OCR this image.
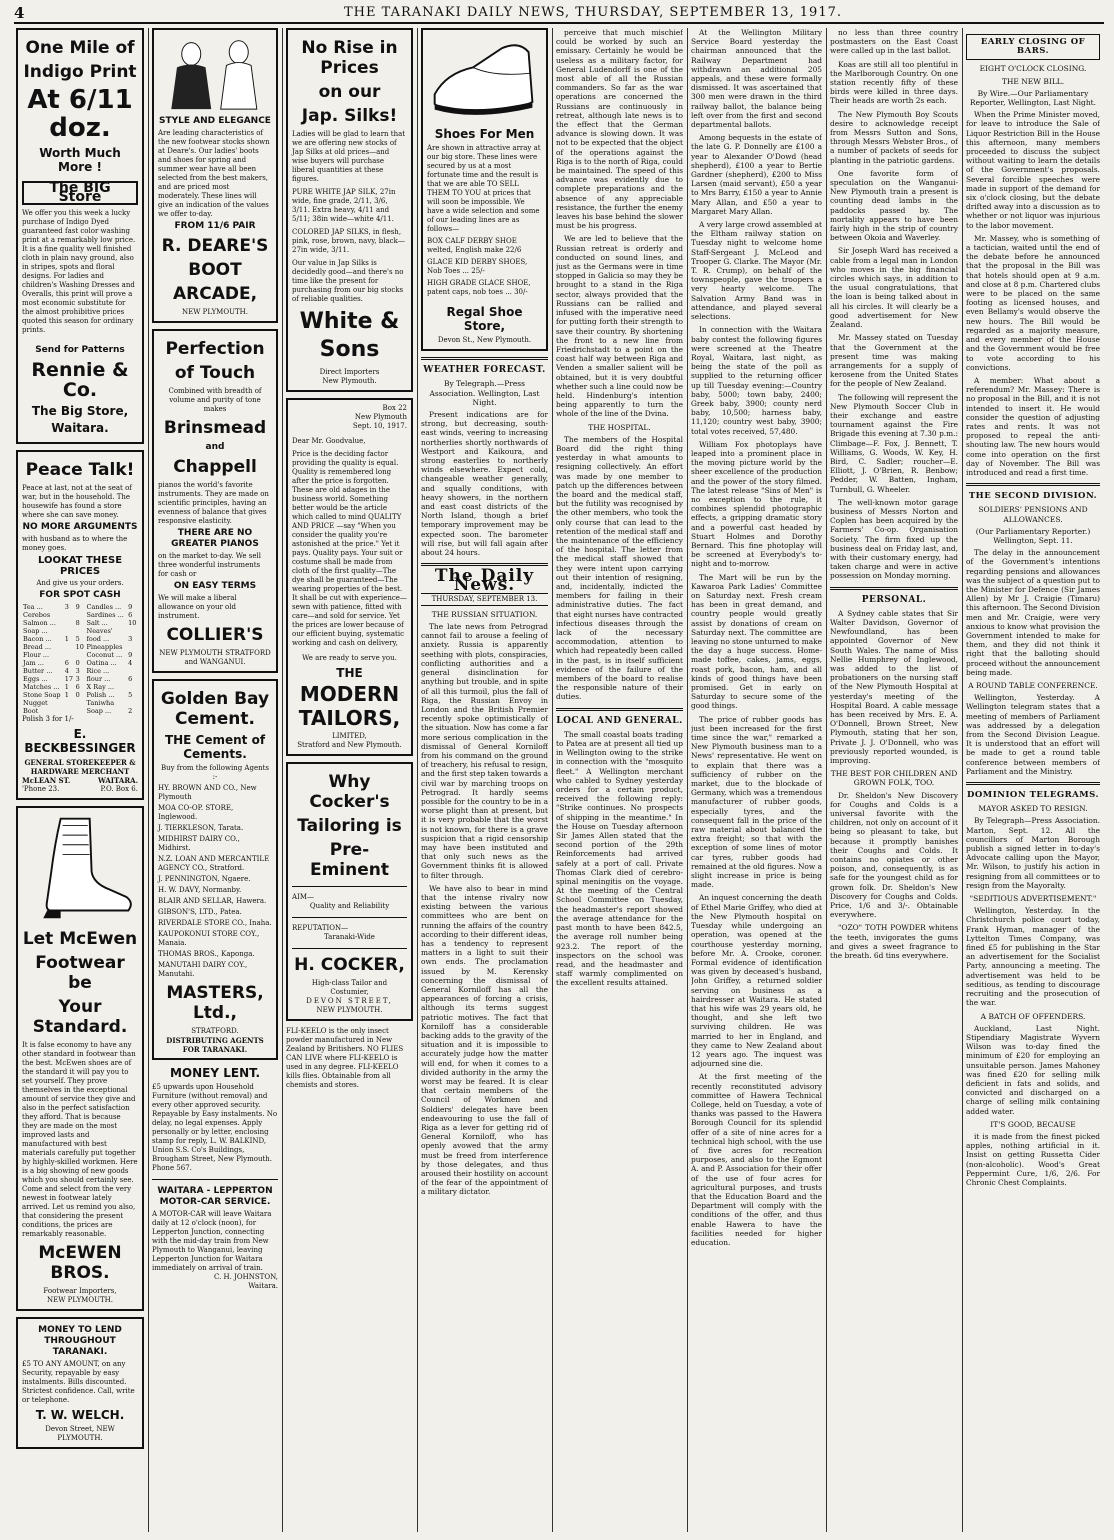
4	THE TARANAKI DAILY NEWS, THURSDAY, SEPTEMBER 13, 1917.
One Mile of
Indigo Print
At 6/11 doz.
Worth Much More !
The BIG Store
We offer you this week a lucky purchase of Indigo Dyed guaranteed fast color washing print at a remarkably low price. It is a fine quality well finished cloth in plain navy ground, also in stripes, spots and floral designs. For ladies and children's Washing Dresses and Overalls, this print will prove a most economic substitute for the almost prohibitive prices quoted this season for ordinary prints.
Send for Patterns
Rennie & Co.
The Big Store,
Waitara.
Peace Talk!
Peace at last, not at the seat of war, but in the household. The housewife has found a store where she can save money.
NO MORE ARGUMENTS
with husband as to where the money goes.
LOOKAT THESE PRICES
And give us your orders.
FOR SPOT CASH
Tea ...	3	9	Candles ...	9
Cerebos			Sardines ...	6
Salmon ...		8	Salt ...	10
Soap ...			Neaves'	
Bacon ...	1	5	food ...	3
Bread ...		10	Pineapples	
Flour ...			Coconut ...	9
Jam ...	6	0	Oatina ...	4
Butter ...	4	3	Rice ...	
Eggs ...	17	3	flour ...	6
Matches ...	1	6	X Ray ...	
Stone Soap	1	0	Polish ...	5
Nugget			Taniwha	
Boot			Soap ...	2
Polish 3 for 1/-
E. BECKBESSINGER
GENERAL STOREKEEPER & HARDWARE MERCHANT
McLEAN ST.	WAITARA.
'Phone 23.	P.O. Box 6.
Let McEwen
Footwear be
Your Standard.
It is false economy to have any other standard in footwear than the best. McEwen shoes are of the standard it will pay you to set yourself. They prove themselves in the exceptional amount of service they give and also in the perfect satisfaction they afford. That is because they are made on the most improved lasts and manufactured with best materials carefully put together by highly-skilled workmen. Here is a big showing of new goods which you should certainly see. Come and select from the very newest in footwear lately arrived. Let us remind you also, that considering the present conditions, the prices are remarkably reasonable.
McEWEN BROS.
Footwear Importers,
NEW PLYMOUTH.
MONEY TO LEND THROUGHOUT TARANAKI.
£5 TO ANY AMOUNT, on any Security, repayable by easy instalments. Bills discounted. Strictest confidence. Call, write or telephone.
T. W. WELCH.
Devon Street, NEW PLYMOUTH.
STYLE AND ELEGANCE
Are leading characteristics of the new footwear stocks shown at Deare's. Our ladies' boots and shoes for spring and summer wear have all been selected from the best makers, and are priced most moderately. These lines will give an indication of the values we offer to-day.
FROM 11/6 PAIR
R. DEARE'S
BOOT
ARCADE,
NEW PLYMOUTH.
Perfection
of Touch
Combined with breadth of volume and purity of tone makes
Brinsmead
and
Chappell
pianos the world's favorite instruments. They are made on scientific principles, having an evenness of balance that gives responsive elasticity.
THERE ARE NO GREATER PIANOS
on the market to-day. We sell three wonderful instruments for cash or
ON EASY TERMS
We will make a liberal allowance on your old instrument.
COLLIER'S
NEW PLYMOUTH STRATFORD and WANGANUI.
Golden Bay Cement.
THE Cement of Cements.
Buy from the following Agents :-
HY. BROWN AND CO., New Plymouth
MOA CO-OP. STORE, Inglewood.
J. TIERKLESON, Tarata.
MIDHIRST DAIRY CO., Midhirst.
N.Z. LOAN AND MERCANTILE AGENCY CO., Stratford.
J. PENNINGTON, Ngaere.
H. W. DAVY, Normanby.
BLAIR AND SELLAR, Hawera.
GIBSON'S, LTD., Patea.
RIVERDALE STORE CO., Inaha.
KAUPOKONUI STORE COY., Manaia.
THOMAS BROS., Kaponga.
MANUTAHI DAIRY COY., Manutahi.
MASTERS, Ltd.,
STRATFORD.
DISTRIBUTING AGENTS FOR TARANAKI.
MONEY LENT.
£5 upwards upon Household Furniture (without removal) and every other approved security. Repayable by Easy instalments. No delay, no legal expenses. Apply personally or by letter, enclosing stamp for reply, L. W. BALKIND, Union S.S. Co's Buildings, Brougham Street, New Plymouth. Phone 567.
WAITARA - LEPPERTON MOTOR-CAR SERVICE.
A MOTOR-CAR will leave Waitara daily at 12 o'clock (noon), for Lepperton Junction, connecting with the mid-day train from New Plymouth to Wanganui, leaving Lepperton Junction for Waitara immediately on arrival of train.
C. H. JOHNSTON,
Waitara.
No Rise in Prices
on our
Jap. Silks!
Ladies will be glad to learn that we are offering new stocks of Jap Silks at old prices—and wise buyers will purchase liberal quantities at these figures.
PURE WHITE JAP SILK, 27in wide, fine grade, 2/11, 3/6, 3/11. Extra heavy, 4/11 and 5/11; 38in wide—white 4/11.
COLORED JAP SILKS, in flesh, pink, rose, brown, navy, black—27in wide, 3/11.
Our value in Jap Silks is decidedly good—and there's no time like the present for purchasing from our big stocks of reliable qualities.
White & Sons
Direct Importers
New Plymouth.
Box 22
New Plymouth
Sept. 10, 1917.
Dear Mr. Goodvalue,
Price is the deciding factor providing the quality is equal. Quality is remembered long after the price is forgotten. These are old adages in the business world. Something better would be the article which called to mind QUALITY AND PRICE —say "When you consider the quality you're astonished at the price." Yet it pays. Quality pays. Your suit or costume shall be made from cloth of the first quality—The dye shall be guaranteed—The wearing properties of the best. It shall be cut with experience—sewn with patience, fitted with care—and sold for service. Yet the prices are lower because of our efficient buying, systematic working and cash on delivery,
We are ready to serve you.
THE
MODERN
TAILORS,
LIMITED,
Stratford and New Plymouth.
Why Cocker's
Tailoring is
Pre-Eminent
AIM—
Quality and Reliability
REPUTATION—
Taranaki-Wide
H. COCKER,
High-class Tailor and Costumier,
DEVON STREET,
NEW PLYMOUTH.
FLI-KEELO is the only insect powder manufactured in New Zealand by Britishers. NO FLIES CAN LIVE where FLI-KEELO is used in any degree. FLI-KEELO kills flies. Obtainable from all chemists and stores.
Shoes For Men
Are shown in attractive array at our big store. These lines were secured by us at a most fortunate time and the result is that we are able TO SELL THEM TO YOU at prices that will soon be impossible. We have a wide selection and some of our leading lines are as follows—
BOX CALF DERBY SHOE welted, English make 22/6
GLACE KID DERBY SHOES, Nob Toes ... 25/-
HIGH GRADE GLACE SHOE, patent caps, nob toes ... 30/-
Regal Shoe Store,
Devon St., New Plymouth.
WEATHER FORECAST.
By Telegraph.—Press Association. Wellington, Last Night.

Present indications are for strong, but decreasing, south-east winds, veering to increasing northerlies shortly northwards of Westport and Kaikoura, and strong easterlies to northerly winds elsewhere. Expect cold, changeable weather generally, and squally conditions, with heavy showers, in the northern and east coast districts of the North Island, though a brief temporary improvement may be expected soon. The barometer will rise, but will fall again after about 24 hours.

The Daily News.
THURSDAY, SEPTEMBER 13.
THE RUSSIAN SITUATION.

The late news from Petrograd cannot fail to arouse a feeling of anxiety. Russia is apparently seething with plots, conspiracies, conflicting authorities and a general disinclination for anything but trouble, and in spite of all this turmoil, plus the fall of Riga, the Russian Envoy in London and the British Premier recently spoke optimistically of the situation. Now has come a far more serious complication in the dismissal of General Korniloff from his command on the ground of treachery, his refusal to resign, and the first step taken towards a civil war by marching troops on Petrograd. It hardly seems possible for the country to be in a worse plight than at present, but it is very probable that the worst is not known, for there is a grave suspicion that a rigid censorship may have been instituted and that only such news as the Government thinks fit is allowed to filter through.

We have also to bear in mind that the intense rivalry now existing between the various committees who are bent on running the affairs of the country according to their different ideas, has a tendency to represent matters in a light to suit their own ends. The proclamation issued by M. Kerensky concerning the dismissal of General Korniloff has all the appearances of forcing a crisis, although its terms suggest patriotic motives. The fact that Korniloff has a considerable backing adds to the gravity of the situation and it is impossible to accurately judge how the matter will end, for when it comes to a divided authority in the army the worst may be feared. It is clear that certain members of the Council of Workmen and Soldiers' delegates have been endeavouring to use the fall of Riga as a lever for getting rid of General Korniloff, who has openly avowed that the army must be freed from interference by those delegates, and thus aroused their hostility on account of the fear of the appointment of a military dictator.

perceive that much mischief could be worked by such an emissary. Certainly he would be useless as a military factor, for General Ludendorff is one of the most able of all the Russian commanders. So far as the war operations are concerned the Russians are continuously in retreat, although late news is to the effect that the German advance is slowing down. It was not to be expected that the object of the operations against the Riga is to the north of Riga, could be maintained. The speed of this advance was evidently due to complete preparations and the absence of any appreciable resistance, the further the enemy leaves his base behind the slower must be his progress.

We are led to believe that the Russian retreat is orderly and conducted on sound lines, and just as the Germans were in time stopped in Galicia so may they be brought to a stand in the Riga sector, always provided that the Russians can be rallied and infused with the imperative need for putting forth their strength to save their country. By shortening the front to a new line from Friedrichstadt to a point on the coast half way between Riga and Venden a smaller salient will be obtained, but it is very doubtful whether such a line could now be held. Hindenburg's intention being apparently to turn the whole of the line of the Dvina.

THE HOSPITAL.

The members of the Hospital Board did the right thing yesterday in what amounts to resigning collectively. An effort was made by one member to patch up the differences between the board and the medical staff, but the futility was recognised by the other members, who took the only course that can lead to the retention of the medical staff and the maintenance of the efficiency of the hospital. The letter from the medical staff showed that they were intent upon carrying out their intention of resigning, and, incidentally, indicted the members for failing in their administrative duties. The fact that eight nurses have contracted infectious diseases through the lack of the necessary accommodation, attention to which had repeatedly been called in the past, is in itself sufficient evidence of the failure of the members of the board to realise the responsible nature of their duties.

LOCAL AND GENERAL.

The small coastal boats trading to Patea are at present all tied up in Wellington owing to the strike in connection with the "mosquito fleet." A Wellington merchant who cabled to Sydney yesterday orders for a certain product, received the following reply: "Strike continues. No prospects of shipping in the meantime." In the House on Tuesday afternoon Sir James Allen stated that the second portion of the 29th Reinforcements had arrived safely at a port of call. Private Thomas Clark died of cerebro-spinal meningitis on the voyage. At the meeting of the Central School Committee on Tuesday, the headmaster's report showed the average attendance for the past month to have been 842.5, the average roll number being 923.2. The report of the inspectors on the school was read, and the headmaster and staff warmly complimented on the excellent results attained.

At the Wellington Military Service Board yesterday the chairman announced that the Railway Department had withdrawn an additional 205 appeals, and these were formally dismissed. It was ascertained that 300 men were drawn in the third railway ballot, the balance being left over from the first and second departmental ballots.

Among bequests in the estate of the late G. P. Donnelly are £100 a year to Alexander O'Dowd (head shepherd), £100 a year to Bertie Gardner (shepherd), £200 to Miss Larsen (maid servant), £50 a year to Mrs Barry, £150 a year to Annie Mary Allan, and £50 a year to Margaret Mary Allan.

A very large crowd assembled at the Eltham railway station on Tuesday night to welcome home Staff-Sergeant J. McLeod and Trooper G. Clarke. The Mayor (Mr. T. R. Crump), on behalf of the townspeople, gave the troopers a very hearty welcome. The Salvation Army Band was in attendance, and played several selections.

In connection with the Waitara baby contest the following figures were screened at the Theatre Royal, Waitara, last night, as being the state of the poll as supplied to the returning officer up till Tuesday evening:—Country baby, 5000; town baby, 2400; Greek baby, 3900; county nerd baby, 10,500; harness baby, 11,120; country west baby, 3900; total votes received, 57,480.

William Fox photoplays have leaped into a prominent place in the moving picture world by the sheer excellence of the production and the power of the story filmed. The latest release "Sins of Men" is no exception to the rule, it combines splendid photographic effects, a gripping dramatic story and a powerful cast headed by Stuart Holmes and Dorothy Bernard. This fine photoplay will be screened at Everybody's to-night and to-morrow.

The Mart will be run by the Kawaroa Park Ladies' Committee on Saturday next. Fresh cream has been in great demand, and country people would greatly assist by donations of cream on Saturday next. The committee are leaving no stone unturned to make the day a huge success. Home-made toffee, cakes, jams, eggs, roast pork, bacon, ham, and all kinds of good things have been promised. Get in early on Saturday to secure some of the good things.

The price of rubber goods has just been increased for the first time since the war," remarked a New Plymouth business man to a News' representative. He went on to explain that there was a sufficiency of rubber on the market, due to the blockade of Germany, which was a tremendous manufacturer of rubber goods, especially tyres, and the consequent fall in the price of the raw material about balanced the extra freight; so that with the exception of some lines of motor car tyres, rubber goods had remained at the old figures. Now a slight increase in price is being made.

An inquest concerning the death of Ethel Marie Griffey, who died at the New Plymouth hospital on Tuesday while undergoing an operation, was opened at the courthouse yesterday morning, before Mr. A. Crooke, coroner. Formal evidence of identification was given by deceased's husband, John Griffey, a returned soldier serving on business as a hairdresser at Waitara. He stated that his wife was 29 years old, he thought, and she left two surviving children. He was married to her in England, and they came to New Zealand about 12 years ago. The inquest was adjourned sine die.

At the first meeting of the recently reconstituted advisory committee of Hawera Technical College, held on Tuesday, a vote of thanks was passed to the Hawera Borough Council for its splendid offer of a site of nine acres for a technical high school, with the use of five acres for recreation purposes, and also to the Egmont A. and P. Association for their offer of the use of four acres for agricultural purposes, and trusts that the Education Board and the Department will comply with the conditions of the offer, and thus enable Hawera to have the facilities needed for higher education.

no less than three country postmasters on the East Coast were called up in the last ballot.

Koas are still all too plentiful in the Marlborough Country. On one station recently fifty of these birds were killed in three days. Their heads are worth 2s each.

The New Plymouth Boy Scouts desire to acknowledge receipt from Messrs Sutton and Sons, through Messrs Webster Bros., of a number of packets of seeds for planting in the patriotic gardens.

One favorite form of speculation on the Wanganui-New Plymouth train a present is counting dead lambs in the paddocks passed by. The mortality appears to have been fairly high in the strip of country between Okoia and Waverley.

Sir Joseph Ward has received a cable from a legal man in London who moves in the big financial circles which says, in addition to the usual congratulations, that the loan is being talked about in all his circles. It will clearly be a good advertisement for New Zealand.

Mr. Massey stated on Tuesday that the Government at the present time was making arrangements for a supply of kerosene from the United States for the people of New Zealand.

The following will represent the New Plymouth Soccer Club in their exchange and eastre tournament against the Fire Brigade this evening at 7.30 p.m.: Climbage—F. Fox, J. Bennett, T. Williams, G. Woods, W. Key, H. Bird, C. Sadler; roucher—E. Elliott, J. O'Brien, R. Benbow; Pedder, W. Batten, Ingham, Turnbull, G. Wheeler.

The well-known motor garage business of Messrs Norton and Coplen has been acquired by the Farmers' Co-op. Organisation Society. The firm fixed up the business deal on Friday last, and, with their customary energy, had taken charge and were in active possession on Monday morning.

PERSONAL.

A Sydney cable states that Sir Walter Davidson, Governor of Newfoundland, has been appointed Governor of New South Wales. The name of Miss Nellie Humphrey of Inglewood, was added to the list of probationers on the nursing staff of the New Plymouth Hospital at yesterday's meeting of the Hospital Board. A cable message has been received by Mrs. E. A. O'Donnell, Brown Street, New Plymouth, stating that her son, Private J. J. O'Donnell, who was previously reported wounded, is improving.

THE BEST FOR CHILDREN AND GROWN FOLK, TOO.

Dr. Sheldon's New Discovery for Coughs and Colds is a universal favorite with the children, not only on account of it being so pleasant to take, but because it promptly banishes their Coughs and Colds. It contains no opiates or other poison, and, consequently, is as safe for the youngest child as for grown folk. Dr. Sheldon's New Discovery for Coughs and Colds. Price, 1/6 and 3/-. Obtainable everywhere.

"OZO" TOTH POWDER whitens the teeth, invigorates the gums and gives a sweet fragrance to the breath. 6d tins everywhere.

EARLY CLOSING OF BARS.
EIGHT O'CLOCK CLOSING.
THE NEW BILL.
By Wire.—Our Parliamentary Reporter, Wellington, Last Night.

When the Prime Minister moved, for leave to introduce the Sale of Liquor Restriction Bill in the House this afternoon, many members proceeded to discuss the subject without waiting to learn the details of the Government's proposals. Several forcible speeches were made in support of the demand for six o'clock closing, but the debate drifted away into a discussion as to whether or not liquor was injurious to the labor movement.

Mr. Massey, who is something of a tactician, waited until the end of the debate before he announced that the proposal in the Bill was that hotels should open at 9 a.m. and close at 8 p.m. Chartered clubs were to be placed on the same footing as licensed houses, and even Bellamy's would observe the new hours. The Bill would be regarded as a majority measure, and every member of the House and the Government would be free to vote according to his convictions.

A member: What about a referendum? Mr. Massey: There is no proposal in the Bill, and it is not intended to insert it. He would consider the question of adjusting rates and rents. It was not proposed to repeal the anti-shouting law. The new hours would come into operation on the first day of November. The Bill was introduced and read a first time.

THE SECOND DIVISION.
SOLDIERS' PENSIONS AND ALLOWANCES.
(Our Parliamentary Reporter.) Wellington, Sept. 11.

The delay in the announcement of the Government's intentions regarding pensions and allowances was the subject of a question put to the Minister for Defence (Sir James Allen) by Mr J. Craigie (Timaru) this afternoon. The Second Division men and Mr. Craigie, were very anxious to know what provision the Government intended to make for them, and they did not think it right that the balloting should proceed without the announcement being made.

A ROUND TABLE CONFERENCE.

Wellington, Yesterday. A Wellington telegram states that a meeting of members of Parliament was addressed by a delegation from the Second Division League. It is understood that an effort will be made to get a round table conference between members of Parliament and the Ministry.

DOMINION TELEGRAMS.
MAYOR ASKED TO RESIGN.

By Telegraph—Press Association. Marton, Sept. 12. All the councillors of Marton Borough publish a signed letter in to-day's Advocate calling upon the Mayor, Mr. Wilson, to justify his action in resigning from all committees or to resign from the Mayoralty.

"SEDITIOUS ADVERTISEMENT."

Wellington, Yesterday. In the Christchurch police court today, Frank Hyman, manager of the Lyttelton Times Company, was fined £5 for publishing in the Star an advertisement for the Socialist Party, announcing a meeting. The advertisement was held to be seditious, as tending to discourage recruiting and the prosecution of the war.

A BATCH OF OFFENDERS.

Auckland, Last Night. Stipendiary Magistrate Wyvern Wilson was to-day fined the minimum of £20 for employing an unsuitable person. James Mahoney was fined £20 for selling milk deficient in fats and solids, and convicted and discharged on a charge of selling milk containing added water.

IT'S GOOD, BECAUSE

it is made from the finest picked apples, nothing artificial in it. Insist on getting Russetta Cider (non-alcoholic). Wood's Great Peppermint Cure, 1/6, 2/6. For Chronic Chest Complaints.
